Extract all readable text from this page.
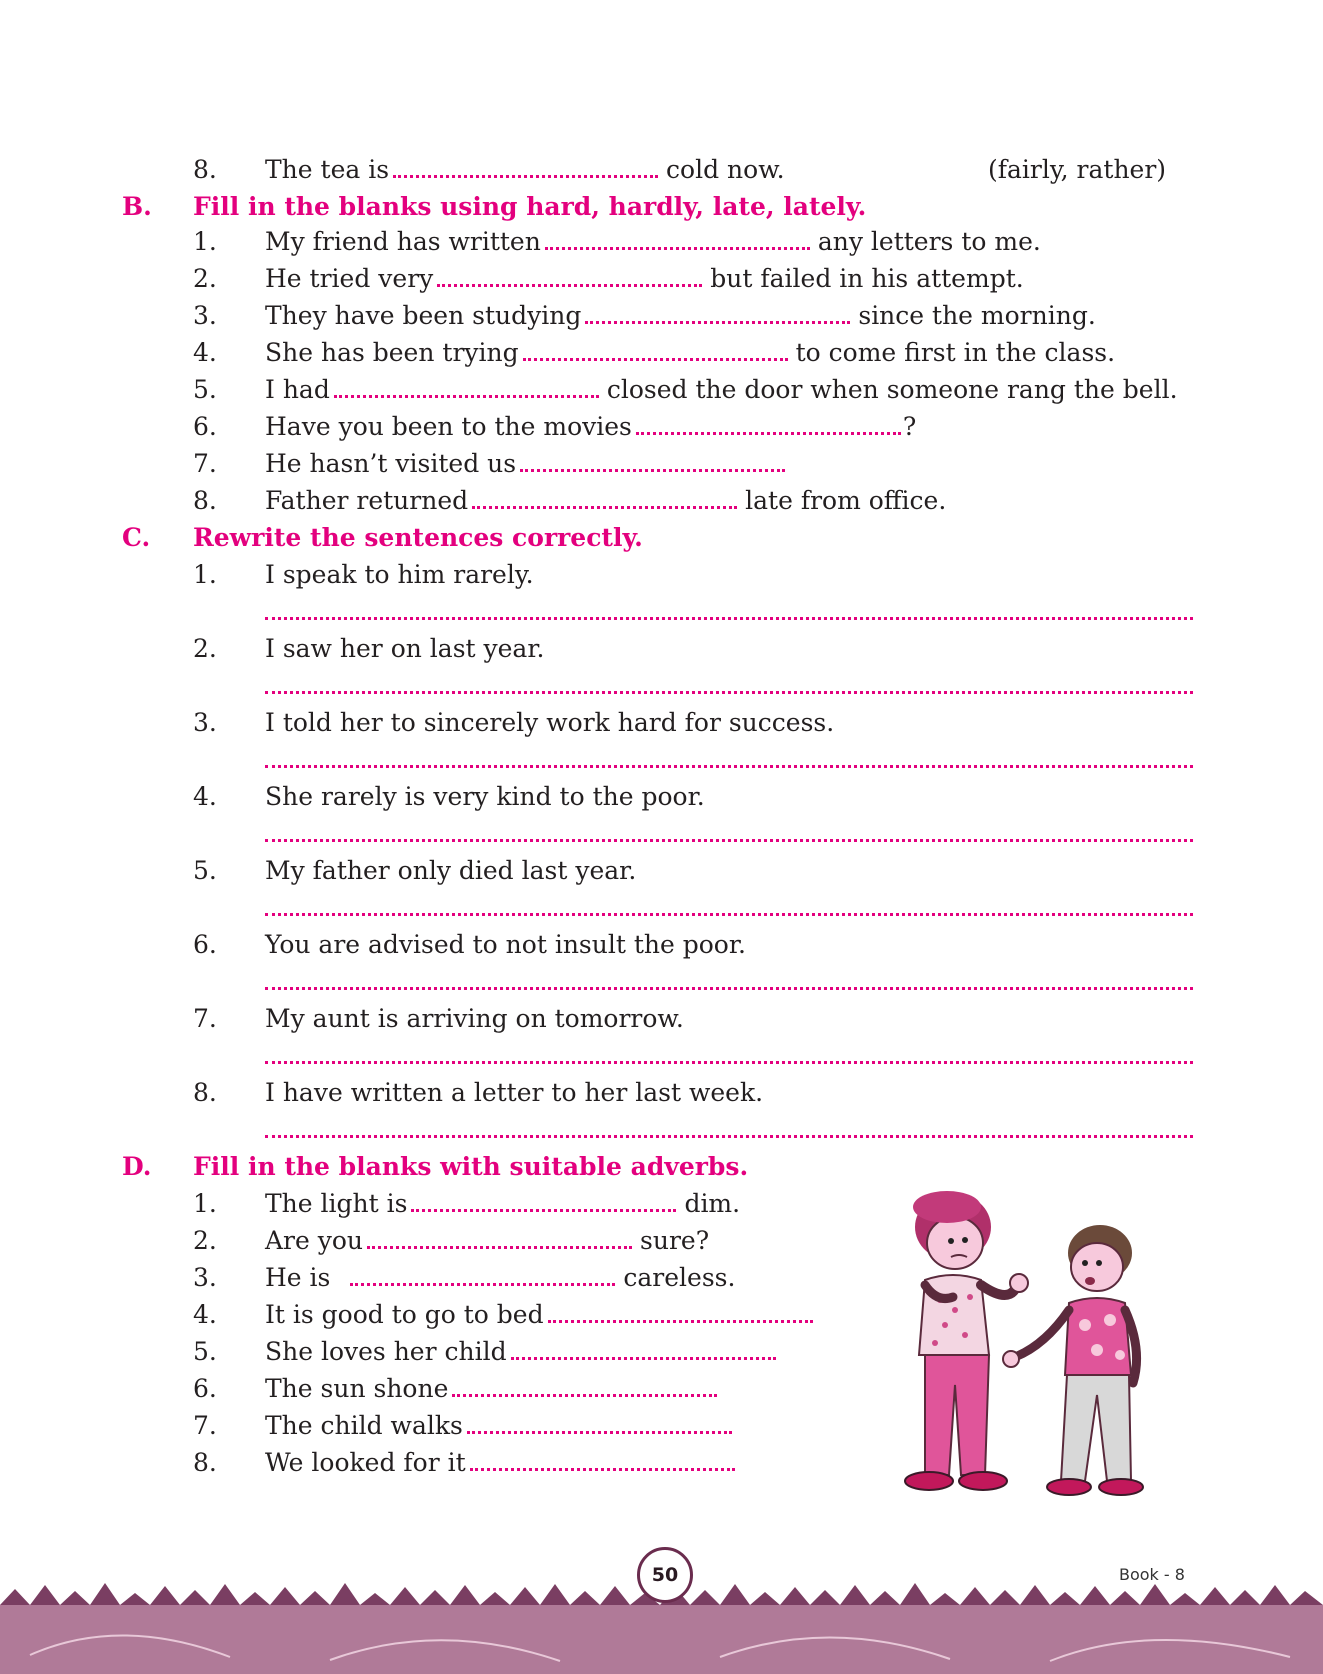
8. The tea is	cold now.	(fairly, rather)
B. Fill in the blanks using hard, hardly, late, lately.
1. My friend has written	any letters to me.
2. He tried very	but failed in his attempt.
3. They have been studying	since the morning.
4. She has been trying	to come first in the class.
5. I had	closed the door when someone rang the bell.
6. Have you been to the movies	?
7. He hasn’t visited us
8. Father returned	late from office.
C. Rewrite the sentences correctly.
1. I speak to him rarely.
2. I saw her on last year.
3. I told her to sincerely work hard for success.
4. She rarely is very kind to the poor.
5. My father only died last year.
6. You are advised to not insult the poor.
7. My aunt is arriving on tomorrow.
8. I have written a letter to her last week.
D. Fill in the blanks with suitable adverbs.
1. The light is	dim.
2. Are you	sure?
3. He is	careless.
4. It is good to go to bed
5. She loves her child
6. The sun shone
7. The child walks
8. We looked for it
50	Book - 8
